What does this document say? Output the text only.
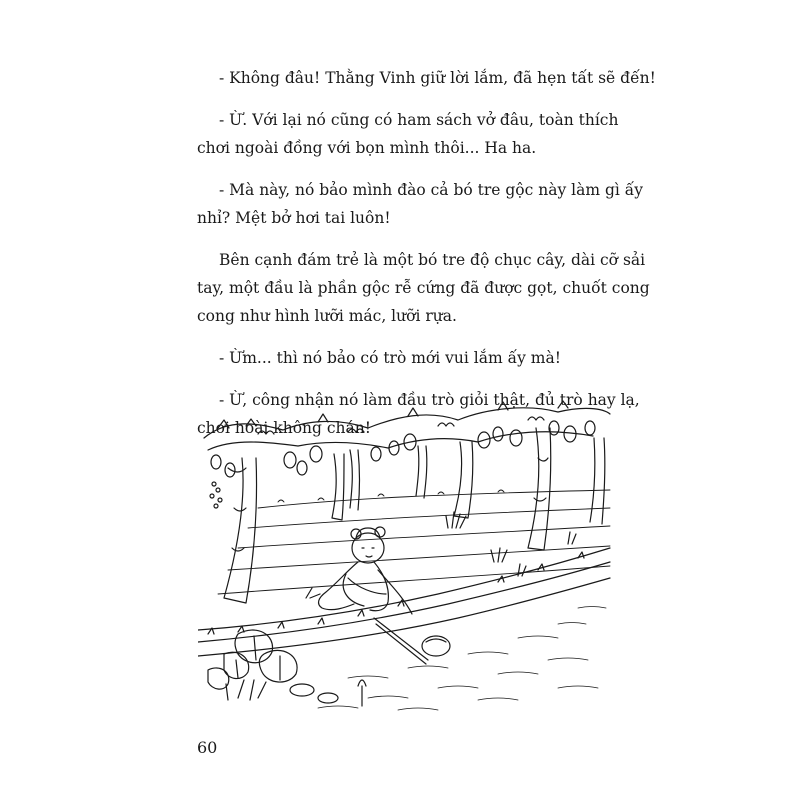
- Không đâu! Thằng Vinh giữ lời lắm, đã hẹn tất sẽ đến!

- Ừ. Với lại nó cũng có ham sách vở đâu, toàn thích
chơi ngoài đồng với bọn mình thôi... Ha ha.

- Mà này, nó bảo mình đào cả bó tre gộc này làm gì ấy
nhỉ? Mệt bở hơi tai luôn!

Bên cạnh đám trẻ là một bó tre độ chục cây, dài cỡ sải
tay, một đầu là phần gộc rễ cứng đã được gọt, chuốt cong
cong như hình lưỡi mác, lưỡi rựa.

- Ừm... thì nó bảo có trò mới vui lắm ấy mà!

- Ừ, công nhận nó làm đầu trò giỏi thật, đủ trò hay lạ,
chơi hoài không chán!

60
